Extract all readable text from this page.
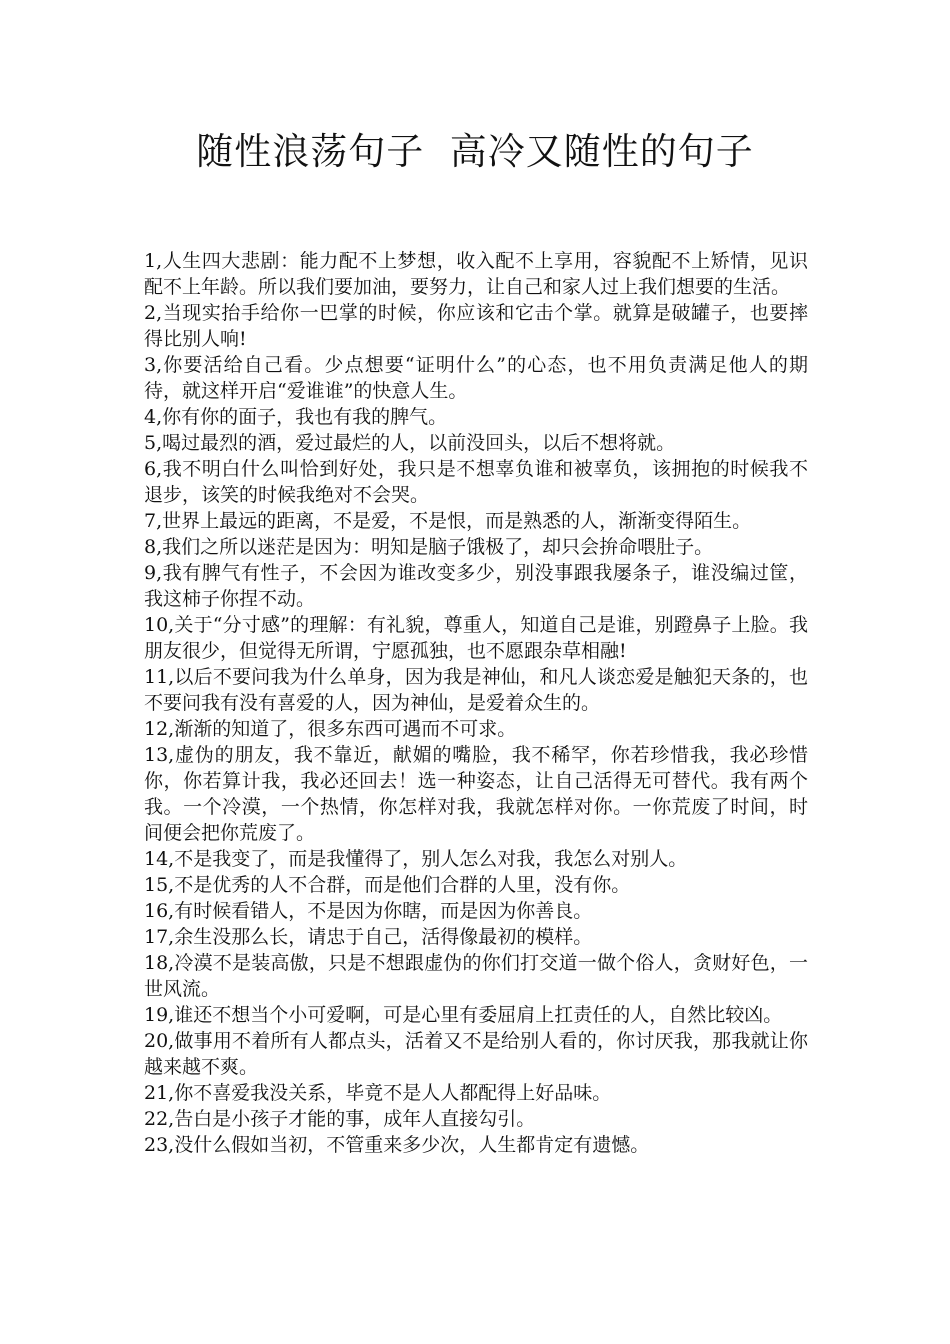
随性浪荡句子  高冷又随性的句子
1,人生四大悲剧：能力配不上梦想，收入配不上享用，容貌配不上矫情，见识配不上年龄。所以我们要加油，要努力，让自己和家人过上我们想要的生活。
2,当现实抬手给你一巴掌的时候，你应该和它击个掌。就算是破罐子，也要摔得比别人响!
3,你要活给自己看。少点想要“证明什么”的心态，也不用负责满足他人的期待，就这样开启“爱谁谁”的快意人生。
4,你有你的面子，我也有我的脾气。
5,喝过最烈的酒，爱过最烂的人，以前没回头，以后不想将就。
6,我不明白什么叫恰到好处，我只是不想辜负谁和被辜负，该拥抱的时候我不退步，该笑的时候我绝对不会哭。
7,世界上最远的距离，不是爱，不是恨，而是熟悉的人，渐渐变得陌生。
8,我们之所以迷茫是因为：明知是脑子饿极了，却只会拚命喂肚子。
9,我有脾气有性子，不会因为谁改变多少，别没事跟我屡条子，谁没编过筐，我这柿子你捏不动。
10,关于“分寸感”的理解：有礼貌，尊重人，知道自己是谁，别蹬鼻子上脸。我朋友很少，但觉得无所谓，宁愿孤独，也不愿跟杂草相融!
11,以后不要问我为什么单身，因为我是神仙，和凡人谈恋爱是触犯天条的，也不要问我有没有喜爱的人，因为神仙，是爱着众生的。
12,渐渐的知道了，很多东西可遇而不可求。
13,虚伪的朋友，我不靠近，献媚的嘴脸，我不稀罕，你若珍惜我，我必珍惜你，你若算计我，我必还回去！选一种姿态，让自己活得无可替代。我有两个我。一个冷漠，一个热情，你怎样对我，我就怎样对你。一你荒废了时间，时间便会把你荒废了。
14,不是我变了，而是我懂得了，别人怎么对我，我怎么对别人。
15,不是优秀的人不合群，而是他们合群的人里，没有你。
16,有时候看错人，不是因为你瞎，而是因为你善良。
17,余生没那么长，请忠于自己，活得像最初的模样。
18,冷漠不是装高傲，只是不想跟虚伪的你们打交道一做个俗人，贪财好色，一世风流。
19,谁还不想当个小可爱啊，可是心里有委屈肩上扛责任的人，自然比较凶。
20,做事用不着所有人都点头，活着又不是给别人看的，你讨厌我，那我就让你越来越不爽。
21,你不喜爱我没关系，毕竟不是人人都配得上好品味。
22,告白是小孩子才能的事，成年人直接勾引。
23,没什么假如当初，不管重来多少次，人生都肯定有遗憾。
